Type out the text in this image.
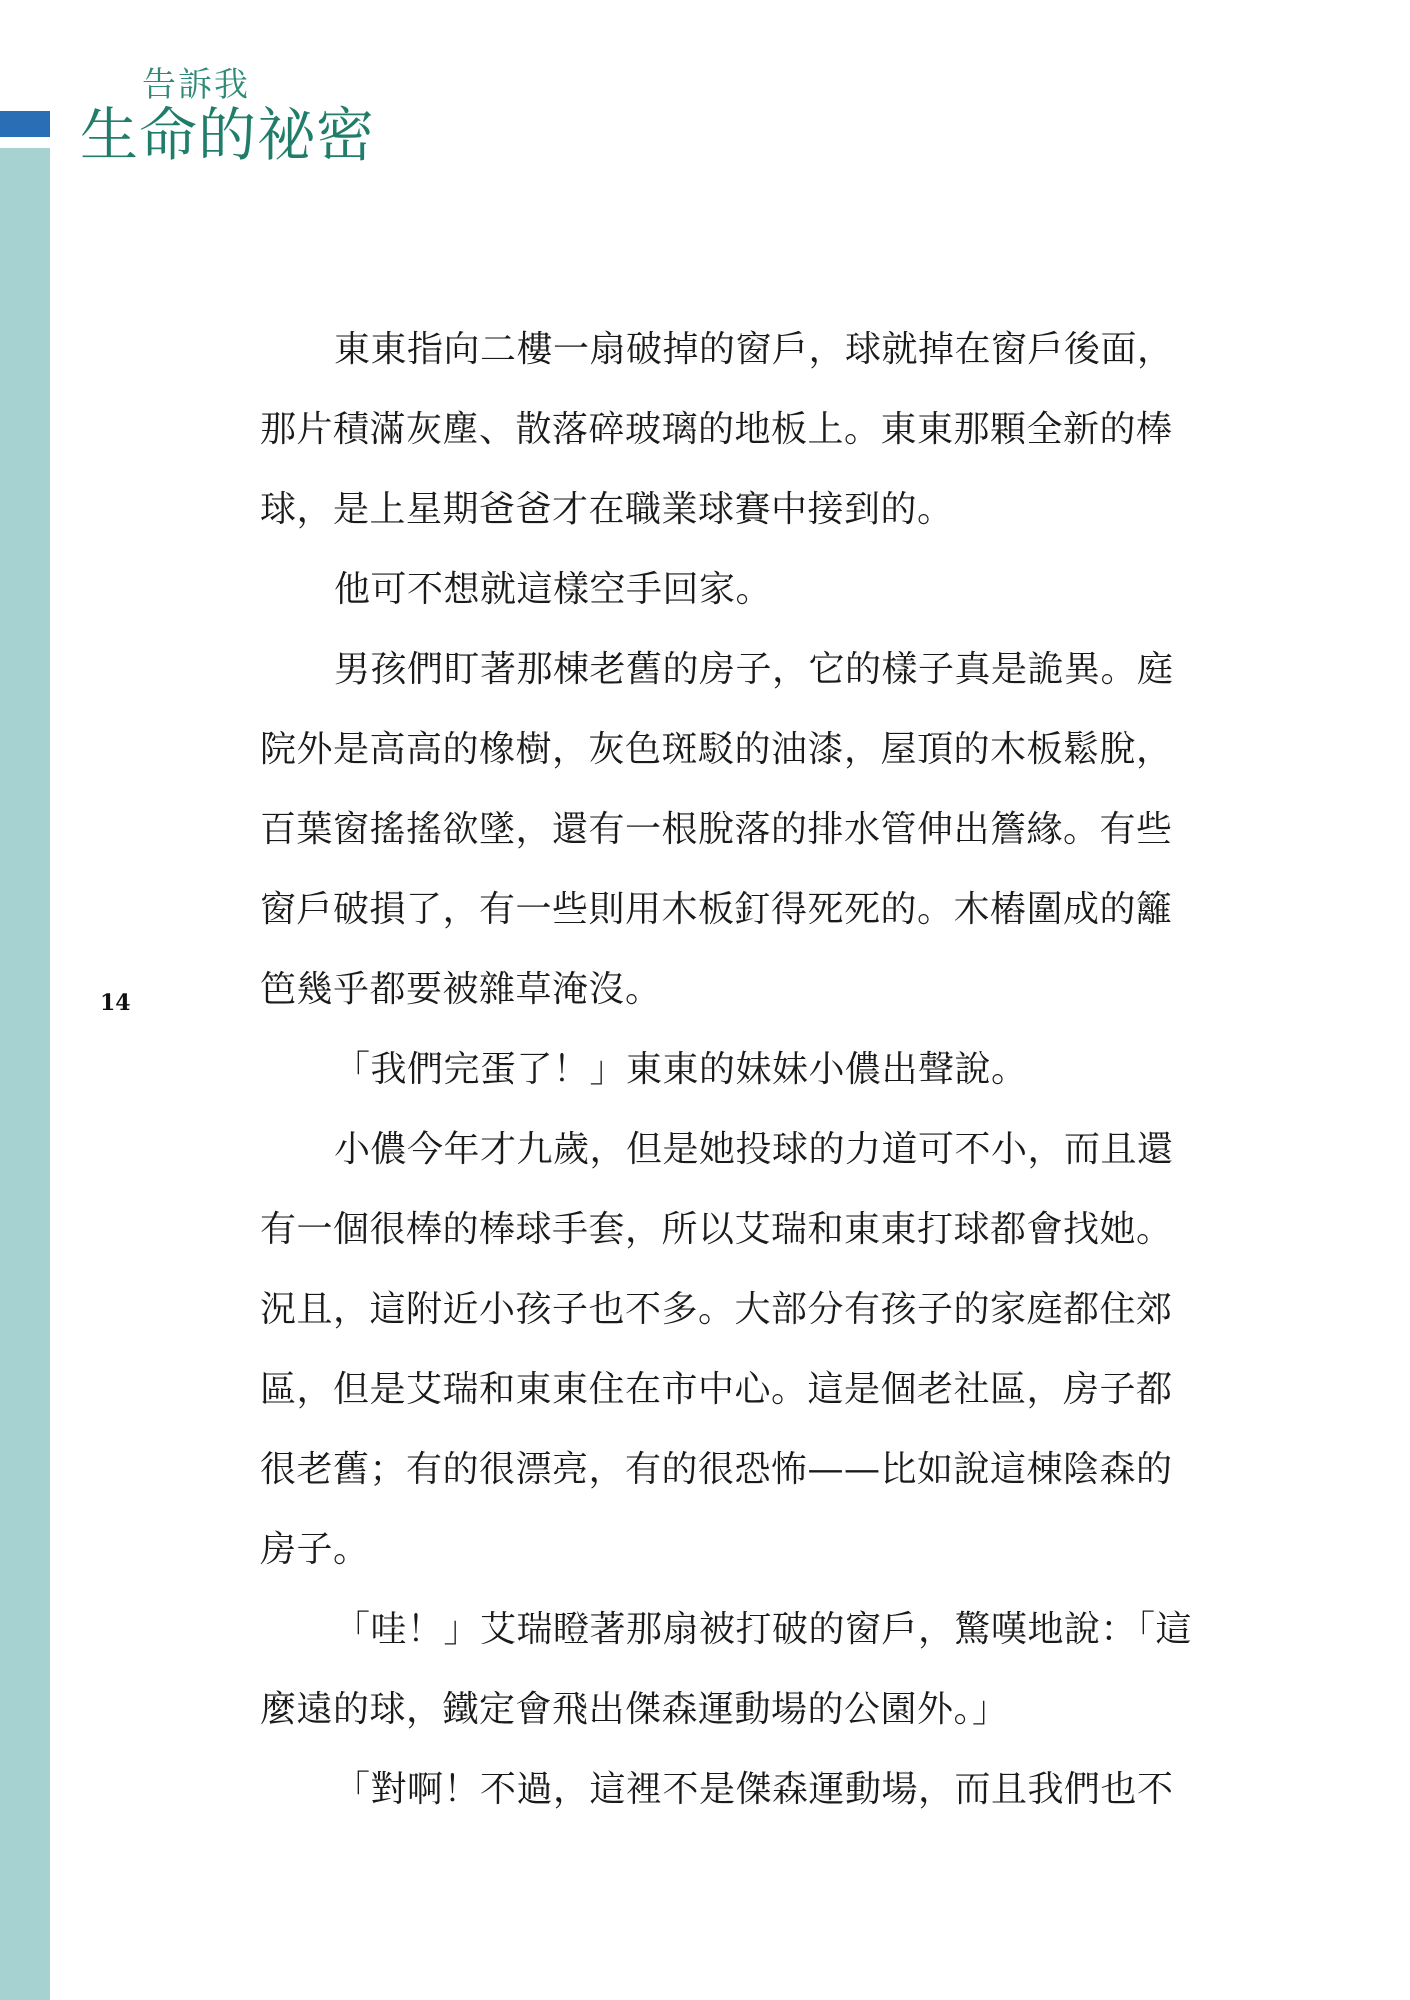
告訴我
生命的祕密
14
東東指向二樓一扇破掉的窗戶，球就掉在窗戶後面，
那片積滿灰塵、散落碎玻璃的地板上。東東那顆全新的棒
球，是上星期爸爸才在職業球賽中接到的。
他可不想就這樣空手回家。
男孩們盯著那棟老舊的房子，它的樣子真是詭異。庭
院外是高高的橡樹，灰色斑駁的油漆，屋頂的木板鬆脫，
百葉窗搖搖欲墜，還有一根脫落的排水管伸出簷緣。有些
窗戶破損了，有一些則用木板釘得死死的。木樁圍成的籬
笆幾乎都要被雜草淹沒。
「我們完蛋了！」東東的妹妹小儂出聲說。
小儂今年才九歲，但是她投球的力道可不小，而且還
有一個很棒的棒球手套，所以艾瑞和東東打球都會找她。
況且，這附近小孩子也不多。大部分有孩子的家庭都住郊
區，但是艾瑞和東東住在市中心。這是個老社區，房子都
很老舊；有的很漂亮，有的很恐怖——比如說這棟陰森的
房子。
「哇！」艾瑞瞪著那扇被打破的窗戶，驚嘆地說：「這
麼遠的球，鐵定會飛出傑森運動場的公園外。」
「對啊！不過，這裡不是傑森運動場，而且我們也不
